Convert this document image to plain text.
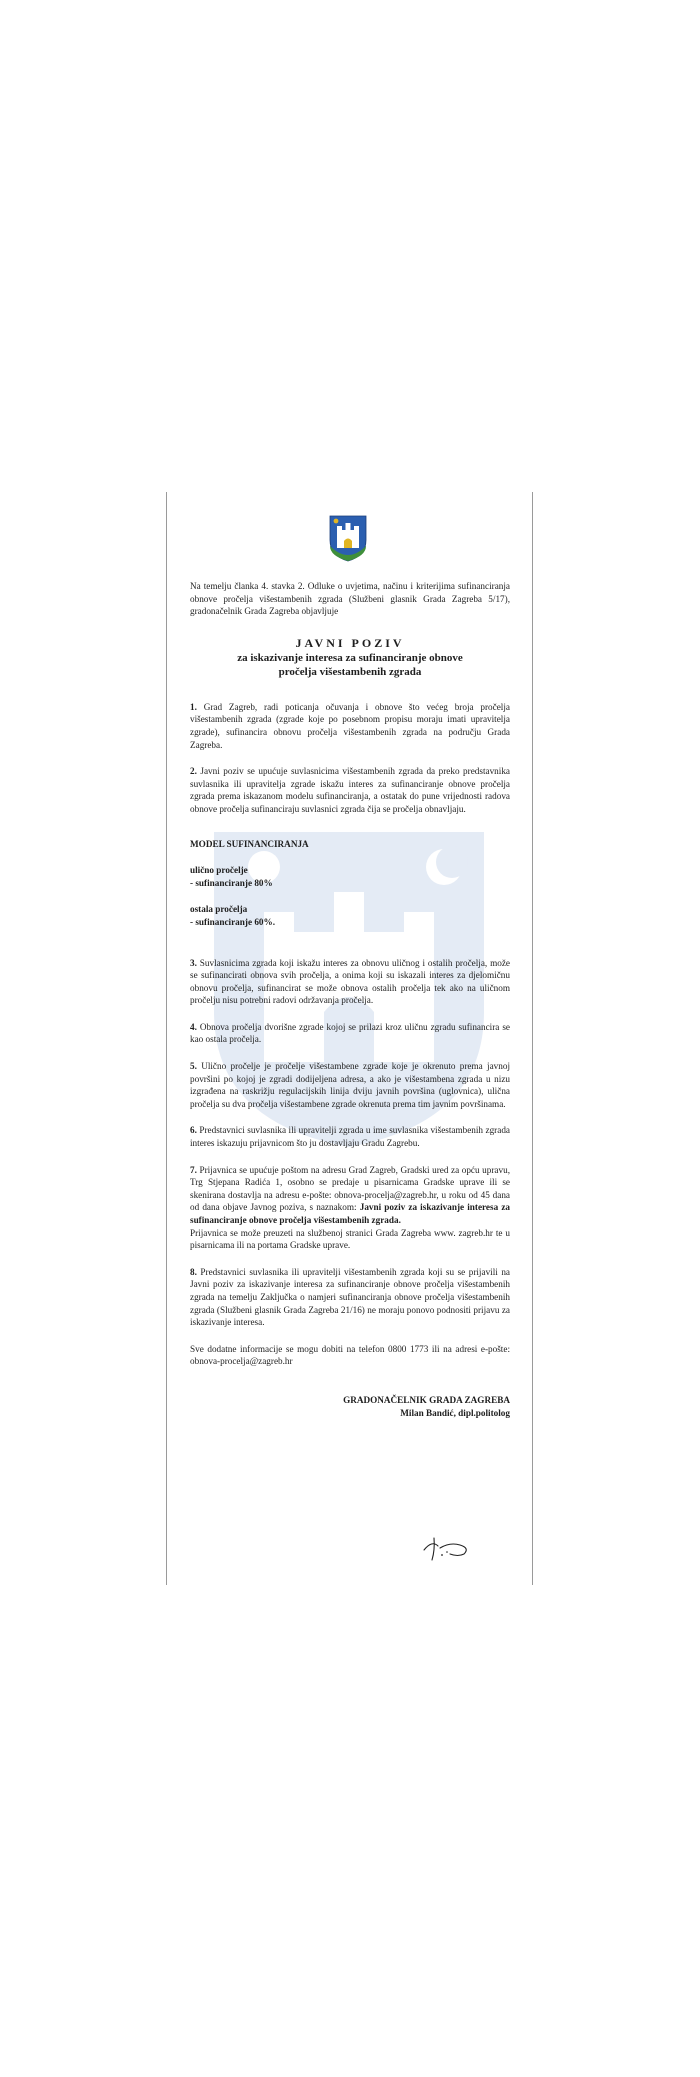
Na temelju članka 4. stavka 2. Odluke o uvjetima, načinu i kriterijima sufinanciranja obnove pročelja višestambenih zgrada (Službeni glasnik Grada Zagreba 5/17), gradonačelnik Grada Zagreba objavljuje

JAVNI POZIV
za iskazivanje interesa za sufinanciranje obnove
pročelja višestambenih zgrada

1. Grad Zagreb, radi poticanja očuvanja i obnove što većeg broja pročelja višestambenih zgrada (zgrade koje po posebnom propisu moraju imati upravitelja zgrade), sufinancira obnovu pročelja višestambenih zgrada na području Grada Zagreba.

2. Javni poziv se upućuje suvlasnicima višestambenih zgrada da preko predstavnika suvlasnika ili upravitelja zgrade iskažu interes za sufinanciranje obnove pročelja zgrada prema iskazanom modelu sufinanciranja, a ostatak do pune vrijednosti radova obnove pročelja sufinanciraju suvlasnici zgrada čija se pročelja obnavljaju.

MODEL SUFINANCIRANJA

ulično pročelje

- sufinanciranje 80%

ostala pročelja

- sufinanciranje 60%.

3. Suvlasnicima zgrada koji iskažu interes za obnovu uličnog i ostalih pročelja, može se sufinancirati obnova svih pročelja, a onima koji su iskazali interes za djelomičnu obnovu pročelja, sufinancirat se može obnova ostalih pročelja tek ako na uličnom pročelju nisu potrebni radovi održavanja pročelja.

4. Obnova pročelja dvorišne zgrade kojoj se prilazi kroz uličnu zgradu sufinancira se kao ostala pročelja.

5. Ulično pročelje je pročelje višestambene zgrade koje je okrenuto prema javnoj površini po kojoj je zgradi dodijeljena adresa, a ako je višestambena zgrada u nizu izgrađena na raskrižju regulacijskih linija dviju javnih površina (uglovnica), ulična pročelja su dva pročelja višestambene zgrade okrenuta prema tim javnim površinama.

6. Predstavnici suvlasnika ili upravitelji zgrada u ime suvlasnika višestambenih zgrada interes iskazuju prijavnicom što ju dostavljaju Gradu Zagrebu.

7. Prijavnica se upućuje poštom na adresu Grad Zagreb, Gradski ured za opću upravu, Trg Stjepana Radića 1, osobno se predaje u pisarnicama Gradske uprave ili se skenirana dostavlja na adresu e-pošte: obnova-procelja@zagreb.hr, u roku od 45 dana od dana objave Javnog poziva, s naznakom: Javni poziv za iskazivanje interesa za sufinanciranje obnove pročelja višestambenih zgrada.
Prijavnica se može preuzeti na službenoj stranici Grada Zagreba www. zagreb.hr te u pisarnicama ili na portama Gradske uprave.

8. Predstavnici suvlasnika ili upravitelji višestambenih zgrada koji su se prijavili na Javni poziv za iskazivanje interesa za sufinanciranje obnove pročelja višestambenih zgrada na temelju Zaključka o namjeri sufinanciranja obnove pročelja višestambenih zgrada (Službeni glasnik Grada Zagreba 21/16) ne moraju ponovo podnositi prijavu za iskazivanje interesa.

Sve dodatne informacije se mogu dobiti na telefon 0800 1773 ili na adresi e-pošte: obnova-procelja@zagreb.hr

GRADONAČELNIK GRADA ZAGREBA
Milan Bandić, dipl.politolog
